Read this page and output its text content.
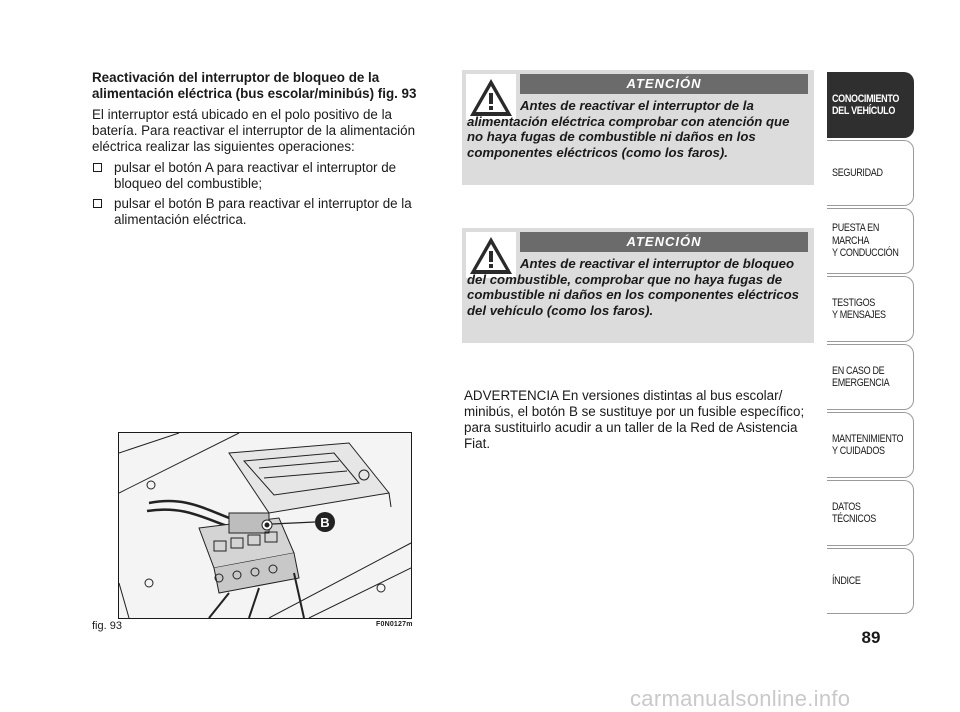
Reactivación del interruptor de bloqueo de la alimentación eléctrica (bus escolar/minibús) fig. 93
El interruptor está ubicado en el polo positivo de la batería. Para reactivar el interruptor de la alimentación eléctrica realizar las siguientes operaciones:
pulsar el botón A para reactivar el interruptor de bloqueo del combustible;
pulsar el botón B para reactivar el interruptor de la alimentación eléctrica.
B
fig. 93	F0N0127m
ATENCIÓN
Antes de reactivar el interruptor de la alimentación eléctrica comprobar con atención que no haya fugas de combustible ni daños en los componentes eléctricos (como los faros).
ATENCIÓN
Antes de reactivar el interruptor de bloqueo del combustible, comprobar que no haya fugas de combustible ni daños en los componentes eléctricos del vehículo (como los faros).
ADVERTENCIA En versiones distintas al bus escolar/ minibús, el botón B se sustituye por un fusible específico; para sustituirlo acudir a un taller de la Red de Asistencia Fiat.
CONOCIMIENTO
DEL VEHÍCULO
SEGURIDAD
PUESTA EN
MARCHA
Y CONDUCCIÓN
TESTIGOS
Y MENSAJES
EN CASO DE
EMERGENCIA
MANTENIMIENTO
Y CUIDADOS
DATOS
TÉCNICOS
ÍNDICE
89
carmanualsonline.info
